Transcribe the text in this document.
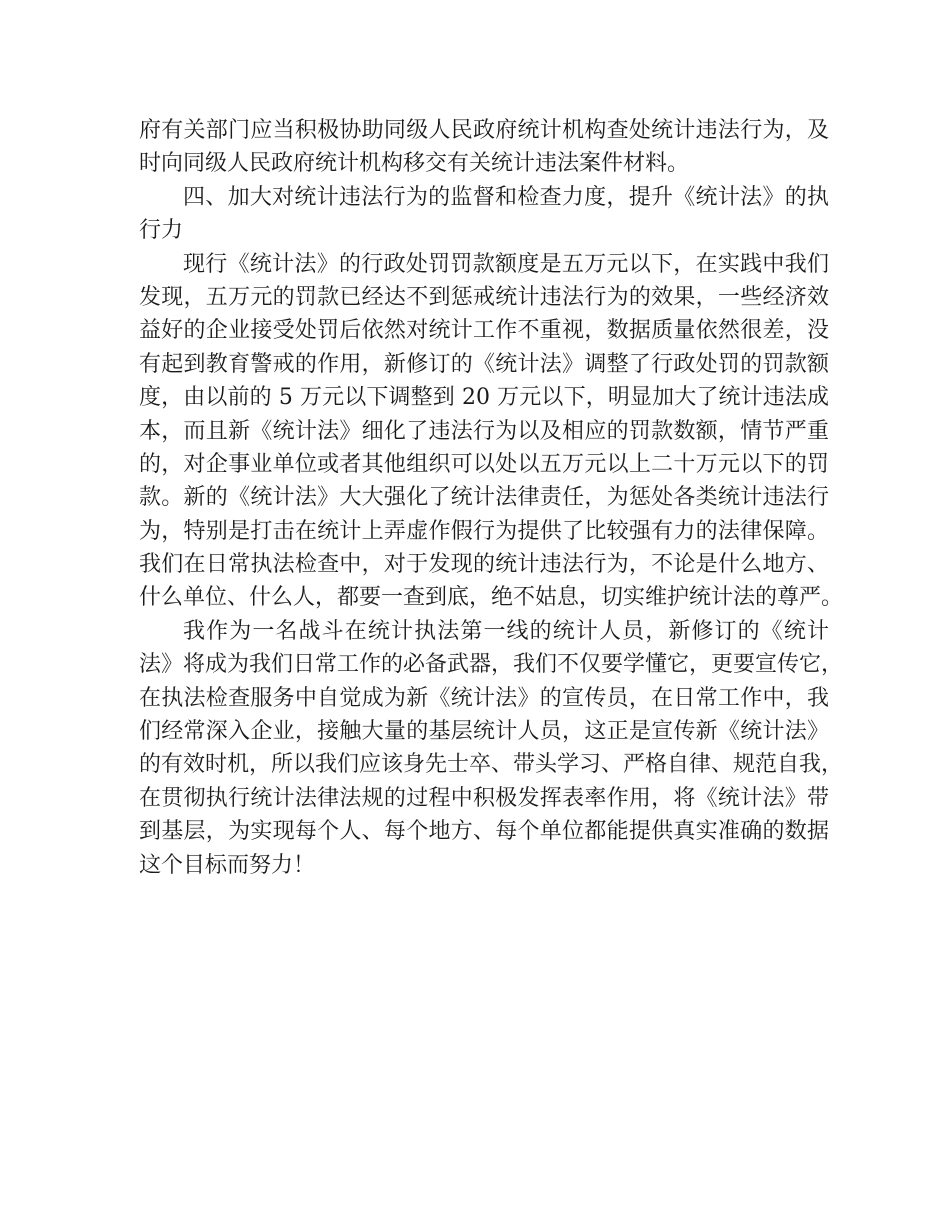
府有关部门应当积极协助同级人民政府统计机构查处统计违法行为，及
时向同级人民政府统计机构移交有关统计违法案件材料。
四、加大对统计违法行为的监督和检查力度，提升《统计法》的执
行力
现行《统计法》的行政处罚罚款额度是五万元以下，在实践中我们
发现，五万元的罚款已经达不到惩戒统计违法行为的效果，一些经济效
益好的企业接受处罚后依然对统计工作不重视，数据质量依然很差，没
有起到教育警戒的作用，新修订的《统计法》调整了行政处罚的罚款额
度，由以前的 5 万元以下调整到 20 万元以下，明显加大了统计违法成
本，而且新《统计法》细化了违法行为以及相应的罚款数额，情节严重
的，对企事业单位或者其他组织可以处以五万元以上二十万元以下的罚
款。新的《统计法》大大强化了统计法律责任，为惩处各类统计违法行
为，特别是打击在统计上弄虚作假行为提供了比较强有力的法律保障。
我们在日常执法检查中，对于发现的统计违法行为，不论是什么地方、
什么单位、什么人，都要一查到底，绝不姑息，切实维护统计法的尊严。
我作为一名战斗在统计执法第一线的统计人员，新修订的《统计
法》将成为我们日常工作的必备武器，我们不仅要学懂它，更要宣传它，
在执法检查服务中自觉成为新《统计法》的宣传员，在日常工作中，我
们经常深入企业，接触大量的基层统计人员，这正是宣传新《统计法》
的有效时机，所以我们应该身先士卒、带头学习、严格自律、规范自我，
在贯彻执行统计法律法规的过程中积极发挥表率作用，将《统计法》带
到基层，为实现每个人、每个地方、每个单位都能提供真实准确的数据
这个目标而努力！
